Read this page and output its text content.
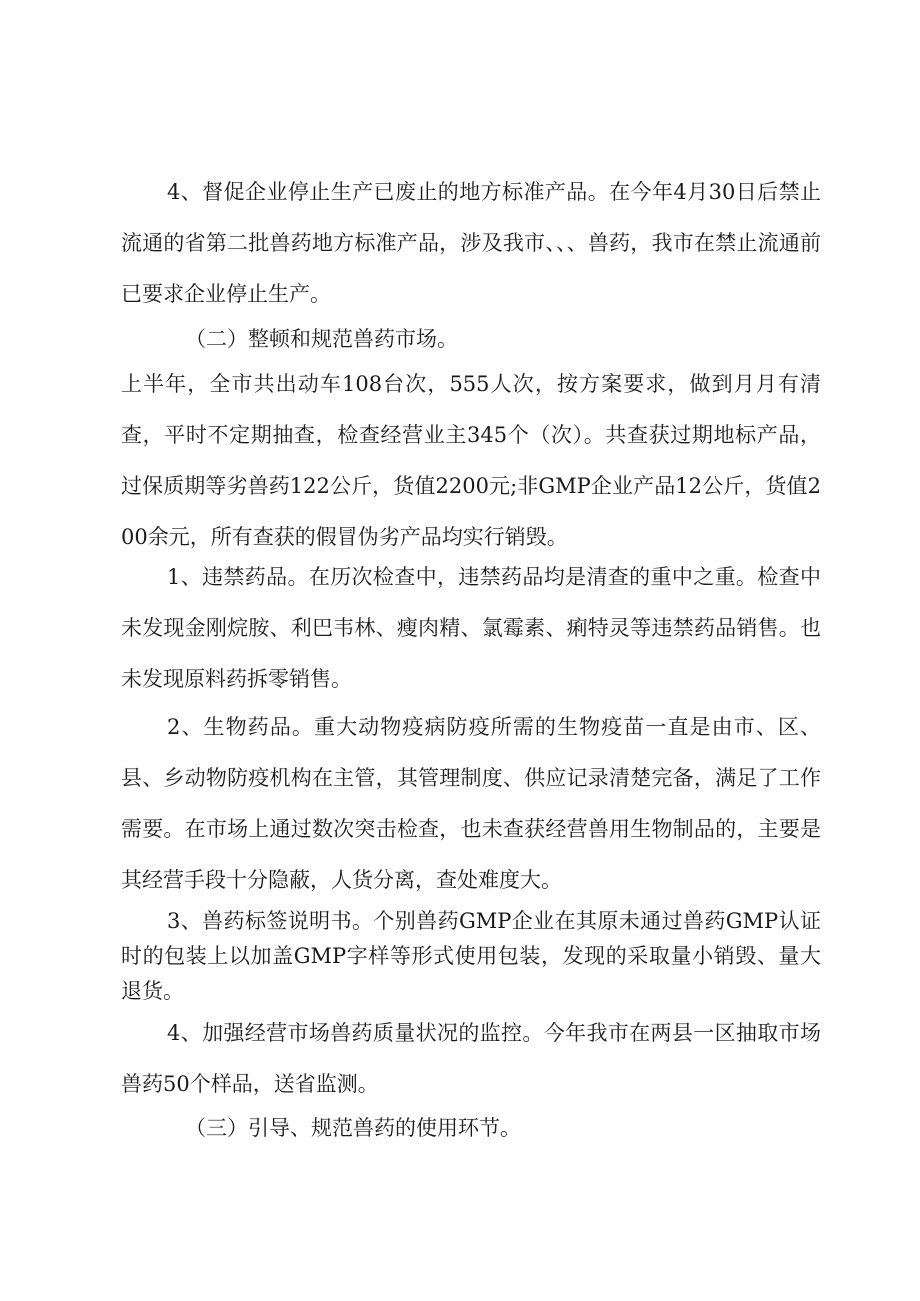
4、督促企业停止生产已废止的地方标准产品。在今年4月30日后禁止流通的省第二批兽药地方标准产品，涉及我市、、、兽药，我市在禁止流通前已要求企业停止生产。

（二）整顿和规范兽药市场。

上半年，全市共出动车108台次，555人次，按方案要求，做到月月有清查，平时不定期抽查，检查经营业主345个（次）。共查获过期地标产品，过保质期等劣兽药122公斤，货值2200元;非GMP企业产品12公斤，货值200余元，所有查获的假冒伪劣产品均实行销毁。

1、违禁药品。在历次检查中，违禁药品均是清查的重中之重。检查中未发现金刚烷胺、利巴韦林、瘦肉精、氯霉素、痢特灵等违禁药品销售。也未发现原料药拆零销售。

2、生物药品。重大动物疫病防疫所需的生物疫苗一直是由市、区、县、乡动物防疫机构在主管，其管理制度、供应记录清楚完备，满足了工作需要。在市场上通过数次突击检查，也未查获经营兽用生物制品的，主要是其经营手段十分隐蔽，人货分离，查处难度大。

3、兽药标签说明书。个别兽药GMP企业在其原未通过兽药GMP认证时的包装上以加盖GMP字样等形式使用包装，发现的采取量小销毁、量大退货。

4、加强经营市场兽药质量状况的监控。今年我市在两县一区抽取市场兽药50个样品，送省监测。

（三）引导、规范兽药的使用环节。
